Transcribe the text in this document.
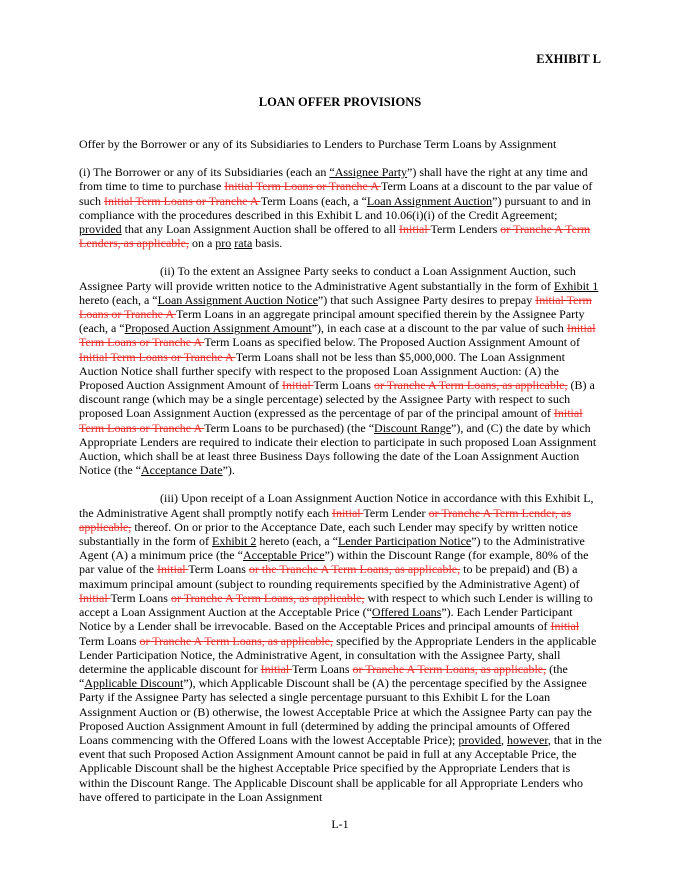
EXHIBIT L
LOAN OFFER PROVISIONS

Offer by the Borrower or any of its Subsidiaries to Lenders to Purchase Term Loans by Assignment

(i) The Borrower or any of its Subsidiaries (each an “Assignee Party”) shall have the right at any time and from time to time to purchase Initial Term Loans or Tranche A Term Loans at a discount to the par value of such Initial Term Loans or Tranche A Term Loans (each, a “Loan Assignment Auction”) pursuant to and in compliance with the procedures described in this Exhibit L and 10.06(i)(i) of the Credit Agreement; provided that any Loan Assignment Auction shall be offered to all Initial Term Lenders or Tranche A Term Lenders, as applicable, on a pro rata basis.

(ii) To the extent an Assignee Party seeks to conduct a Loan Assignment Auction, such Assignee Party will provide written notice to the Administrative Agent substantially in the form of Exhibit 1 hereto (each, a “Loan Assignment Auction Notice”) that such Assignee Party desires to prepay Initial Term Loans or Tranche A Term Loans in an aggregate principal amount specified therein by the Assignee Party (each, a “Proposed Auction Assignment Amount”), in each case at a discount to the par value of such Initial Term Loans or Tranche A Term Loans as specified below. The Proposed Auction Assignment Amount of Initial Term Loans or Tranche A Term Loans shall not be less than $5,000,000. The Loan Assignment Auction Notice shall further specify with respect to the proposed Loan Assignment Auction: (A) the Proposed Auction Assignment Amount of Initial Term Loans or Tranche A Term Loans, as applicable, (B) a discount range (which may be a single percentage) selected by the Assignee Party with respect to such proposed Loan Assignment Auction (expressed as the percentage of par of the principal amount of Initial Term Loans or Tranche A Term Loans to be purchased) (the “Discount Range”), and (C) the date by which Appropriate Lenders are required to indicate their election to participate in such proposed Loan Assignment Auction, which shall be at least three Business Days following the date of the Loan Assignment Auction Notice (the “Acceptance Date”).

(iii) Upon receipt of a Loan Assignment Auction Notice in accordance with this Exhibit L, the Administrative Agent shall promptly notify each Initial Term Lender or Tranche A Term Lender, as applicable, thereof. On or prior to the Acceptance Date, each such Lender may specify by written notice substantially in the form of Exhibit 2 hereto (each, a “Lender Participation Notice”) to the Administrative Agent (A) a minimum price (the “Acceptable Price”) within the Discount Range (for example, 80% of the par value of the Initial Term Loans or the Tranche A Term Loans, as applicable, to be prepaid) and (B) a maximum principal amount (subject to rounding requirements specified by the Administrative Agent) of Initial Term Loans or Tranche A Term Loans, as applicable, with respect to which such Lender is willing to accept a Loan Assignment Auction at the Acceptable Price (“Offered Loans”). Each Lender Participant Notice by a Lender shall be irrevocable. Based on the Acceptable Prices and principal amounts of Initial Term Loans or Tranche A Term Loans, as applicable, specified by the Appropriate Lenders in the applicable Lender Participation Notice, the Administrative Agent, in consultation with the Assignee Party, shall determine the applicable discount for Initial Term Loans or Tranche A Term Loans, as applicable, (the “Applicable Discount”), which Applicable Discount shall be (A) the percentage specified by the Assignee Party if the Assignee Party has selected a single percentage pursuant to this Exhibit L for the Loan Assignment Auction or (B) otherwise, the lowest Acceptable Price at which the Assignee Party can pay the Proposed Auction Assignment Amount in full (determined by adding the principal amounts of Offered Loans commencing with the Offered Loans with the lowest Acceptable Price); provided, however, that in the event that such Proposed Action Assignment Amount cannot be paid in full at any Acceptable Price, the Applicable Discount shall be the highest Acceptable Price specified by the Appropriate Lenders that is within the Discount Range. The Applicable Discount shall be applicable for all Appropriate Lenders who have offered to participate in the Loan Assignment

L-1
